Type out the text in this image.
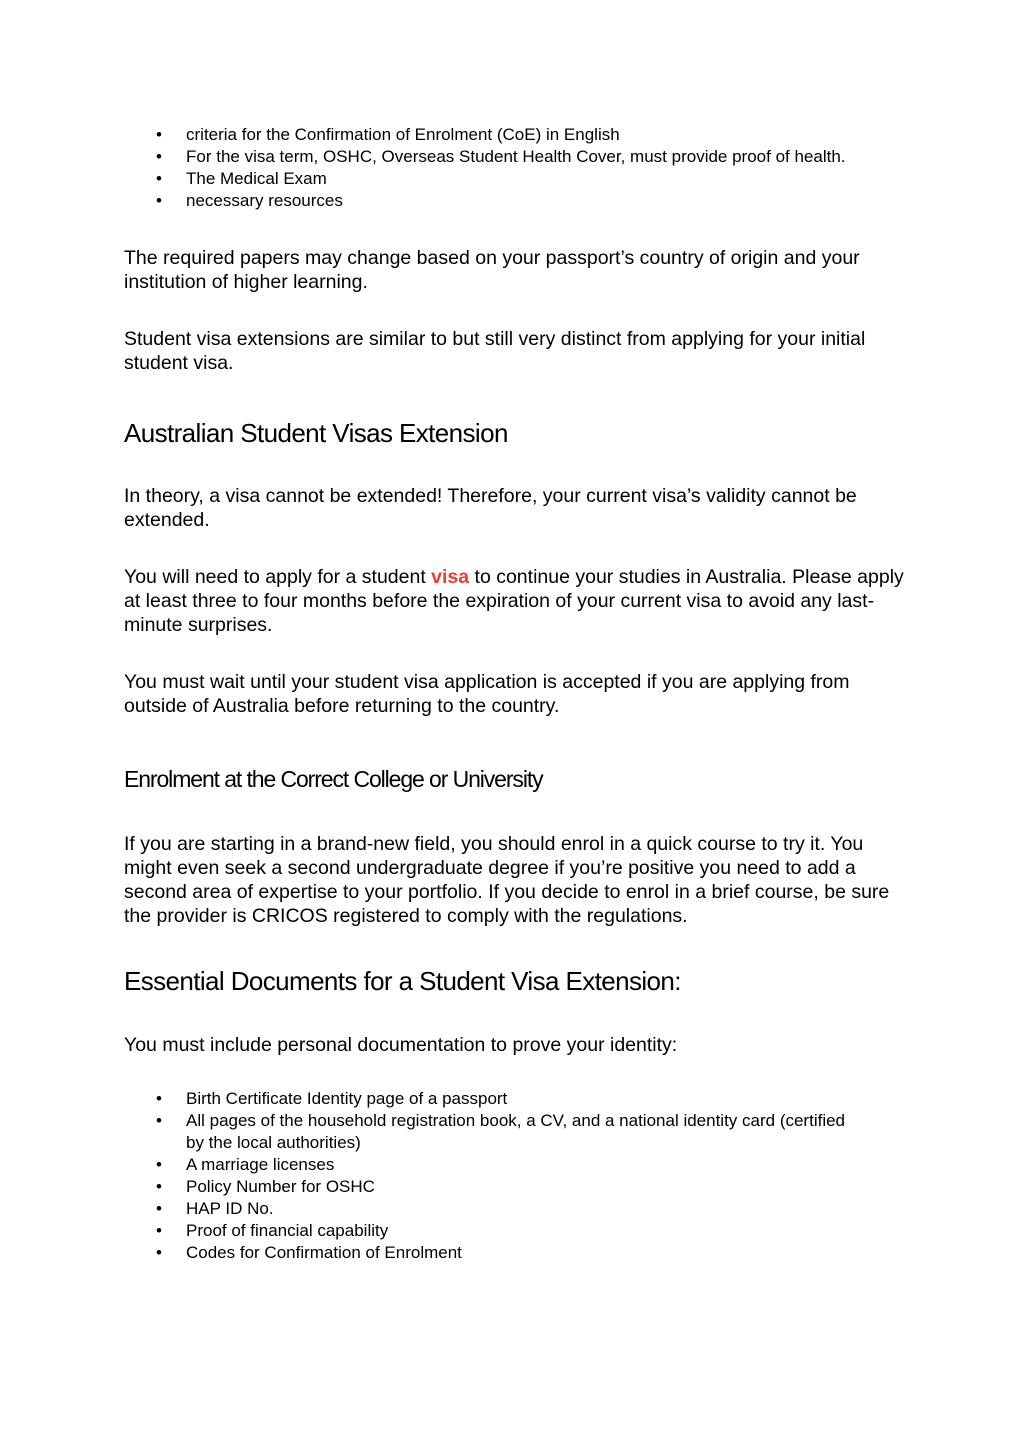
• criteria for the Confirmation of Enrolment (CoE) in English
• For the visa term, OSHC, Overseas Student Health Cover, must provide proof of health.
• The Medical Exam
• necessary resources

The required papers may change based on your passport’s country of origin and your institution of higher learning.

Student visa extensions are similar to but still very distinct from applying for your initial student visa.

Australian Student Visas Extension

In theory, a visa cannot be extended! Therefore, your current visa’s validity cannot be extended.

You will need to apply for a student visa to continue your studies in Australia. Please apply at least three to four months before the expiration of your current visa to avoid any last-minute surprises.

You must wait until your student visa application is accepted if you are applying from outside of Australia before returning to the country.

Enrolment at the Correct College or University

If you are starting in a brand-new field, you should enrol in a quick course to try it. You might even seek a second undergraduate degree if you’re positive you need to add a second area of expertise to your portfolio. If you decide to enrol in a brief course, be sure the provider is CRICOS registered to comply with the regulations.

Essential Documents for a Student Visa Extension:

You must include personal documentation to prove your identity:

• Birth Certificate Identity page of a passport
• All pages of the household registration book, a CV, and a national identity card (certified by the local authorities)
• A marriage licenses
• Policy Number for OSHC
• HAP ID No.
• Proof of financial capability
• Codes for Confirmation of Enrolment
